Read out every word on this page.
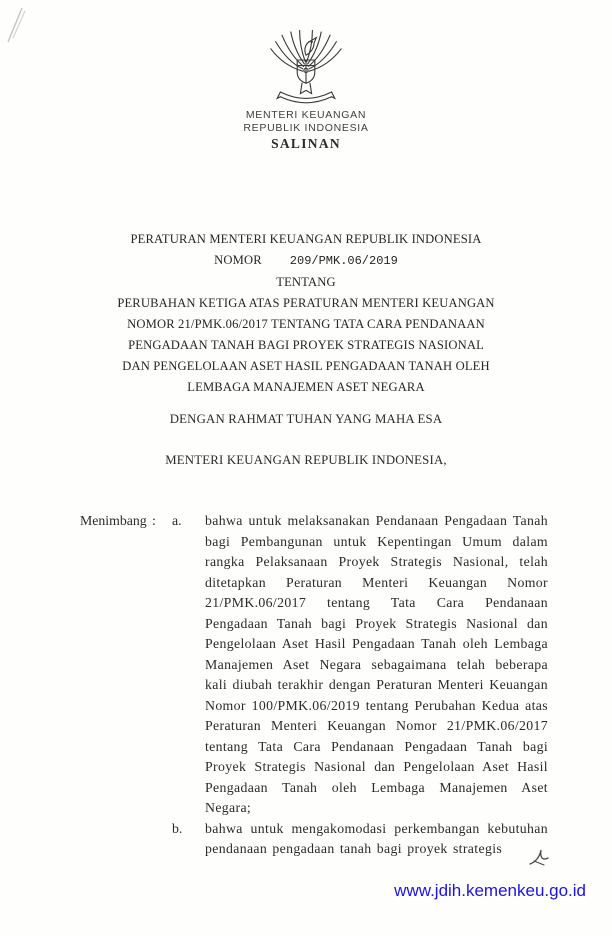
MENTERI KEUANGAN
REPUBLIK INDONESIA
SALINAN
PERATURAN MENTERI KEUANGAN REPUBLIK INDONESIA
NOMOR 209/PMK.06/2019
TENTANG
PERUBAHAN KETIGA ATAS PERATURAN MENTERI KEUANGAN
NOMOR 21/PMK.06/2017 TENTANG TATA CARA PENDANAAN
PENGADAAN TANAH BAGI PROYEK STRATEGIS NASIONAL
DAN PENGELOLAAN ASET HASIL PENGADAAN TANAH OLEH
LEMBAGA MANAJEMEN ASET NEGARA
DENGAN RAHMAT TUHAN YANG MAHA ESA
MENTERI KEUANGAN REPUBLIK INDONESIA,
Menimbang :	a.	bahwa untuk melaksanakan Pendanaan Pengadaan Tanah bagi Pembangunan untuk Kepentingan Umum dalam rangka Pelaksanaan Proyek Strategis Nasional, telah ditetapkan Peraturan Menteri Keuangan Nomor 21/PMK.06/2017 tentang Tata Cara Pendanaan Pengadaan Tanah bagi Proyek Strategis Nasional dan Pengelolaan Aset Hasil Pengadaan Tanah oleh Lembaga Manajemen Aset Negara sebagaimana telah beberapa kali diubah terakhir dengan Peraturan Menteri Keuangan Nomor 100/PMK.06/2019 tentang Perubahan Kedua atas Peraturan Menteri Keuangan Nomor 21/PMK.06/2017 tentang Tata Cara Pendanaan Pengadaan Tanah bagi Proyek Strategis Nasional dan Pengelolaan Aset Hasil Pengadaan Tanah oleh Lembaga Manajemen Aset Negara;
b.	bahwa untuk mengakomodasi perkembangan kebutuhan pendanaan pengadaan tanah bagi proyek strategis
www.jdih.kemenkeu.go.id
